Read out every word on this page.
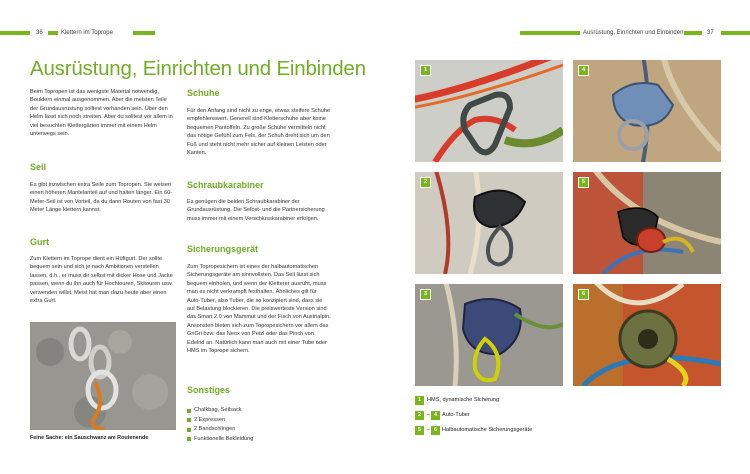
36	Klettern im Toprope	Ausrüstung, Einrichten und Einbinden	37
Ausrüstung, Einrichten und Einbinden
Beim Topropen ist das wenigste Material notwendig, Bouldern einmal ausgenommen. Aber die meisten Teile der Grundausrüstung solltest vorhanden sein. Über den Helm lässt sich noch streiten. Aber du solltest vor allem in viel besuchten Klettergärten immer mit einem Helm unterwegs sein.
Seil
Es gibt inzwischen extra Seile zum Topropen. Sie weisen einen höheren Mantelanteil auf und halten länger. Ein 60-Meter-Seil ist von Vorteil, da du dann Routen von fast 30 Meter Länge klettern kannst.
Gurt
Zum Klettern im Toprope dient ein Hüftgurt. Der sollte bequem sein und sich je nach Ambitionen verstellen lassen, d.h., er muss dir selbst mit dicker Hose und Jacke passen, wenn du ihn auch für Hochtouren, Skitouren usw. verwenden willst. Meist hat man dazu heute aber einen extra Gurt.
Feine Sache: ein Sauschwanz am Routenende
Schuhe
Für den Anfang sind nicht zu enge, etwas steifere Schuhe empfehlenswert. Generell sind Kletterschuhe aber keine bequemen Pantoffeln. Zu große Schuhe vermitteln nicht das nötige Gefühl zum Fels, der Schuh dreht sich um den Fuß und steht nicht mehr sicher auf kleinen Leisten oder Kanten.
Schraubkarabiner
Es genügen die beiden Schraubkarabiner der Grundausrüstung. Die Selbst- und die Partnersicherung muss immer mit einem Verschlusskarabiner erfolgen.
Sicherungsgerät
Zum Topropesichern ist eines der halbautomatischen Sicherungsgeräte am sinnvollsten. Das Seil lässt sich bequem einholen, und wenn der Kletterer ausruht, muss man es nicht verkrampft festhalten. Ähnliches gilt für Auto-Tuber, also Tuber, die so konzipiert sind, dass sie auf Belastung blockieren. Die preiswerteste Version sind das Smart 2.0 von Mammut und der Fisch von Austrialpin. Ansonsten bieten sich zum Topropesichern vor allem das GriGri bzw. das Neox von Petzl oder das Pinch von Edelrid an. Natürlich kann man auch mit einer Tube oder HMS im Toprope sichern.
Sonstiges
Chalkbag, Seilsack
2 Expressen
2 Bandschlingen
Funktionelle Bekleidung
1	4
2	5
3	6
1	HMS, dynamische Sicherung
2 – 4 Auto-Tuber
5 – 6 Halbautomatische Sicherungsgeräte
